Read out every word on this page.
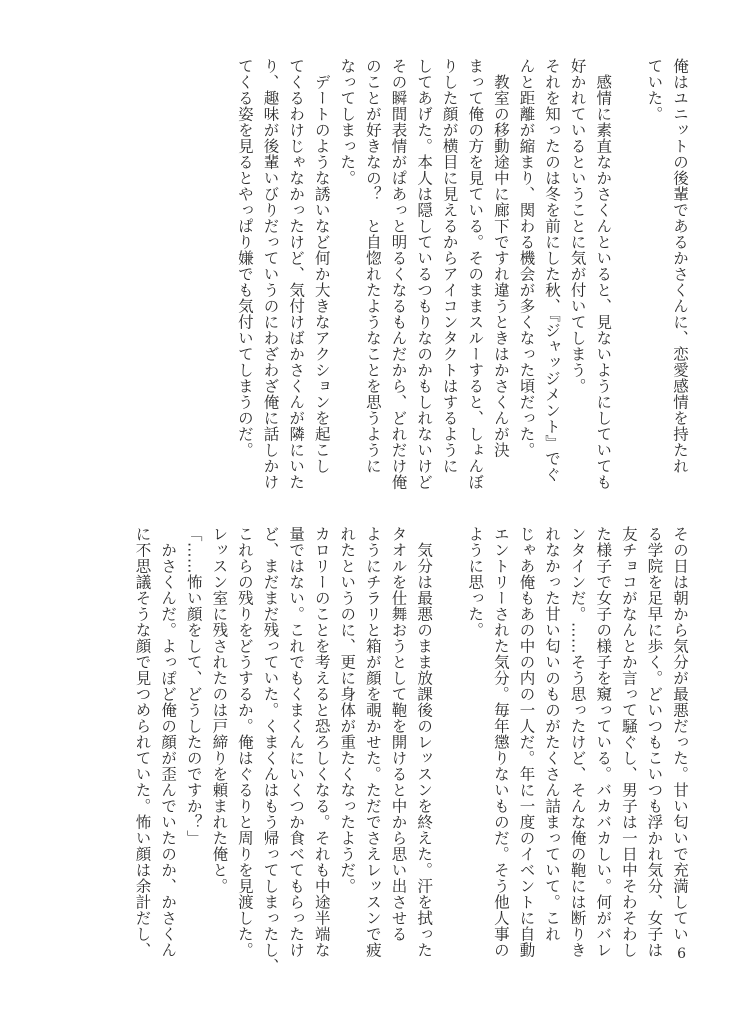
俺はユニットの後輩であるかさくんに、恋愛感情を持たれ

ていた。

　感情に素直なかさくんといると、見ないようにしていても

好かれているということに気が付いてしまう。

それを知ったのは冬を前にした秋、『ジャッジメント』でぐ

んと距離が縮まり、関わる機会が多くなった頃だった。

　教室の移動途中に廊下ですれ違うときはかさくんが決

まって俺の方を見ている。そのままスルーすると、しょんぼ

りした顔が横目に見えるからアイコンタクトはするように

してあげた。本人は隠しているつもりなのかもしれないけど

その瞬間表情がぱあっと明るくなるもんだから、どれだけ俺

のことが好きなの？　と自惚れたようなことを思うように

なってしまった。

　デートのような誘いなど何か大きなアクションを起こし

てくるわけじゃなかったけど、気付けばかさくんが隣にいた

り、趣味が後輩いびりだっていうのにわざわざ俺に話しかけ

てくる姿を見るとやっぱり嫌でも気付いてしまうのだ。

その日は朝から気分が最悪だった。甘い匂いで充満してい

る学院を足早に歩く。どいつもこいつも浮かれ気分、女子は

友チョコがなんとか言って騒ぐし、男子は一日中そわそわし

た様子で女子の様子を窺っている。バカバカしい。何がバレ

ンタインだ。……そう思ったけど、そんな俺の鞄には断りき

れなかった甘い匂いのものがたくさん詰まっていて。これ

じゃあ俺もあの中の内の一人だ。年に一度のイベントに自動

エントリーされた気分。毎年懲りないものだ。そう他人事の

ように思った。

　気分は最悪のまま放課後のレッスンを終えた。汗を拭った

タオルを仕舞おうとして鞄を開けると中から思い出させる

ようにチラリと箱が顔を覗かせた。ただでさえレッスンで疲

れたというのに、更に身体が重たくなったようだ。

カロリーのことを考えると恐ろしくなる。それも中途半端な

量ではない。これでもくまくんにいくつか食べてもらったけ

ど、まだまだ残っていた。くまくんはもう帰ってしまったし、

これらの残りをどうするか。俺はぐるりと周りを見渡した。

レッスン室に残されたのは戸締りを頼まれた俺と。

「……怖い顔をして、どうしたのですか？」

　かさくんだ。よっぽど俺の顔が歪んでいたのか、かさくん

に不思議そうな顔で見つめられていた。怖い顔は余計だし、	6
